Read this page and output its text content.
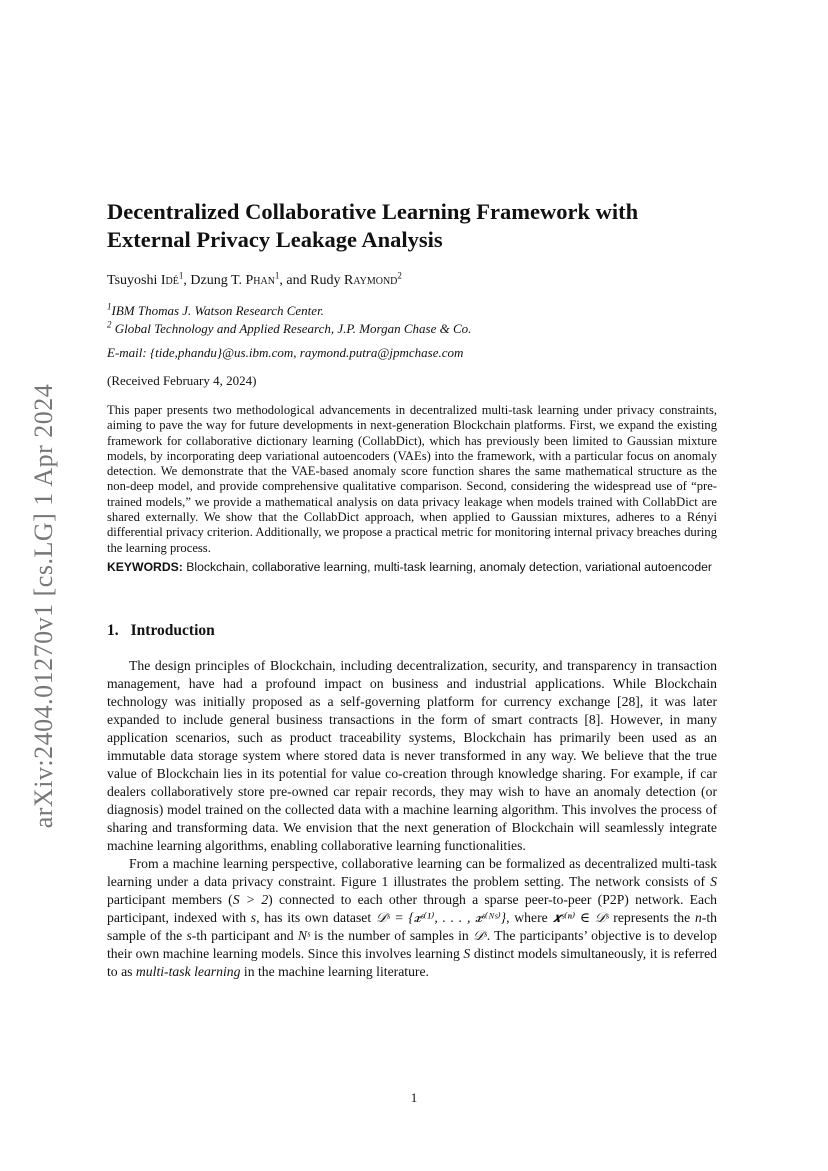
arXiv:2404.01270v1 [cs.LG] 1 Apr 2024
Decentralized Collaborative Learning Framework with External Privacy Leakage Analysis
Tsuyoshi Idé$^1$, Dzung T. Phan$^1$, and Rudy Raymond$^2$
$^1$IBM Thomas J. Watson Research Center.
$^2$ Global Technology and Applied Research, J.P. Morgan Chase & Co.
E-mail: {tide,phandu}@us.ibm.com, raymond.putra@jpmchase.com
(Received February 4, 2024)
This paper presents two methodological advancements in decentralized multi-task learning under privacy constraints, aiming to pave the way for future developments in next-generation Blockchain platforms. First, we expand the existing framework for collaborative dictionary learning (CollabDict), which has previously been limited to Gaussian mixture models, by incorporating deep variational autoencoders (VAEs) into the framework, with a particular focus on anomaly detection. We demonstrate that the VAE-based anomaly score function shares the same mathematical structure as the non-deep model, and provide comprehensive qualitative comparison. Second, considering the widespread use of “pre-trained models,” we provide a mathematical analysis on data privacy leakage when models trained with CollabDict are shared externally. We show that the CollabDict approach, when applied to Gaussian mixtures, adheres to a Rényi differential privacy criterion. Additionally, we propose a practical metric for monitoring internal privacy breaches during the learning process.
KEYWORDS: Blockchain, collaborative learning, multi-task learning, anomaly detection, variational autoencoder
1. Introduction

The design principles of Blockchain, including decentralization, security, and transparency in transaction management, have had a profound impact on business and industrial applications. While Blockchain technology was initially proposed as a self-governing platform for currency exchange [28], it was later expanded to include general business transactions in the form of smart contracts [8]. However, in many application scenarios, such as product traceability systems, Blockchain has primarily been used as an immutable data storage system where stored data is never transformed in any way. We believe that the true value of Blockchain lies in its potential for value co-creation through knowledge sharing. For example, if car dealers collaboratively store pre-owned car repair records, they may wish to have an anomaly detection (or diagnosis) model trained on the collected data with a machine learning algorithm. This involves the process of sharing and transforming data. We envision that the next generation of Blockchain will seamlessly integrate machine learning algorithms, enabling collaborative learning functionalities.

From a machine learning perspective, collaborative learning can be formalized as decentralized multi-task learning under a data privacy constraint. Figure 1 illustrates the problem setting. The network consists of S participant members (S > 2) connected to each other through a sparse peer-to-peer (P2P) network. Each participant, indexed with s, has its own dataset 𝒟ˢ = {𝒙ˢ⁽¹⁾, . . . , 𝒙ˢ⁽ᴺˢ⁾}, where 𝒙ˢ⁽ⁿ⁾ ∈ 𝒟ˢ represents the n-th sample of the s-th participant and Nˢ is the number of samples in 𝒟ˢ. The participants’ objective is to develop their own machine learning models. Since this involves learning S distinct models simultaneously, it is referred to as multi-task learning in the machine learning literature.

1
